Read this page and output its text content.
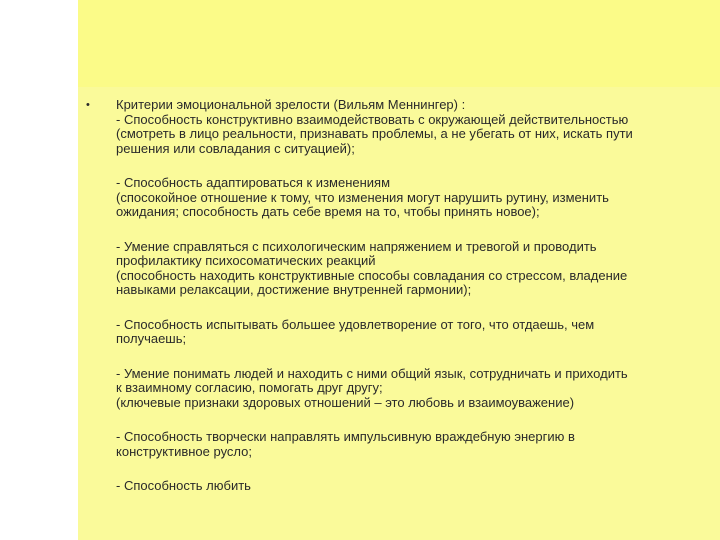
• Критерии эмоциональной зрелости (Вильям Меннингер) :
- Способность конструктивно взаимодействовать с окружающей действительностью
(смотреть в лицо реальности, признавать проблемы, а не убегать от них, искать пути
решения или совладания с ситуацией);
- Способность адаптироваться к изменениям
(спосокойное отношение к тому, что изменения могут нарушить рутину, изменить
ожидания; способность дать себе время на то, чтобы принять новое);
- Умение справляться с психологическим напряжением и тревогой и проводить
профилактику психосоматических реакций
(способность находить конструктивные способы совладания со стрессом, владение
навыками релаксации, достижение внутренней гармонии);
- Способность испытывать большее удовлетворение от того, что отдаешь, чем
получаешь;
- Умение понимать людей и находить с ними общий язык, сотрудничать и приходить
к взаимному согласию, помогать друг другу;
(ключевые признаки здоровых отношений – это любовь и взаимоуважение)
- Способность творчески направлять импульсивную враждебную энергию в
конструктивное русло;
- Способность любить
